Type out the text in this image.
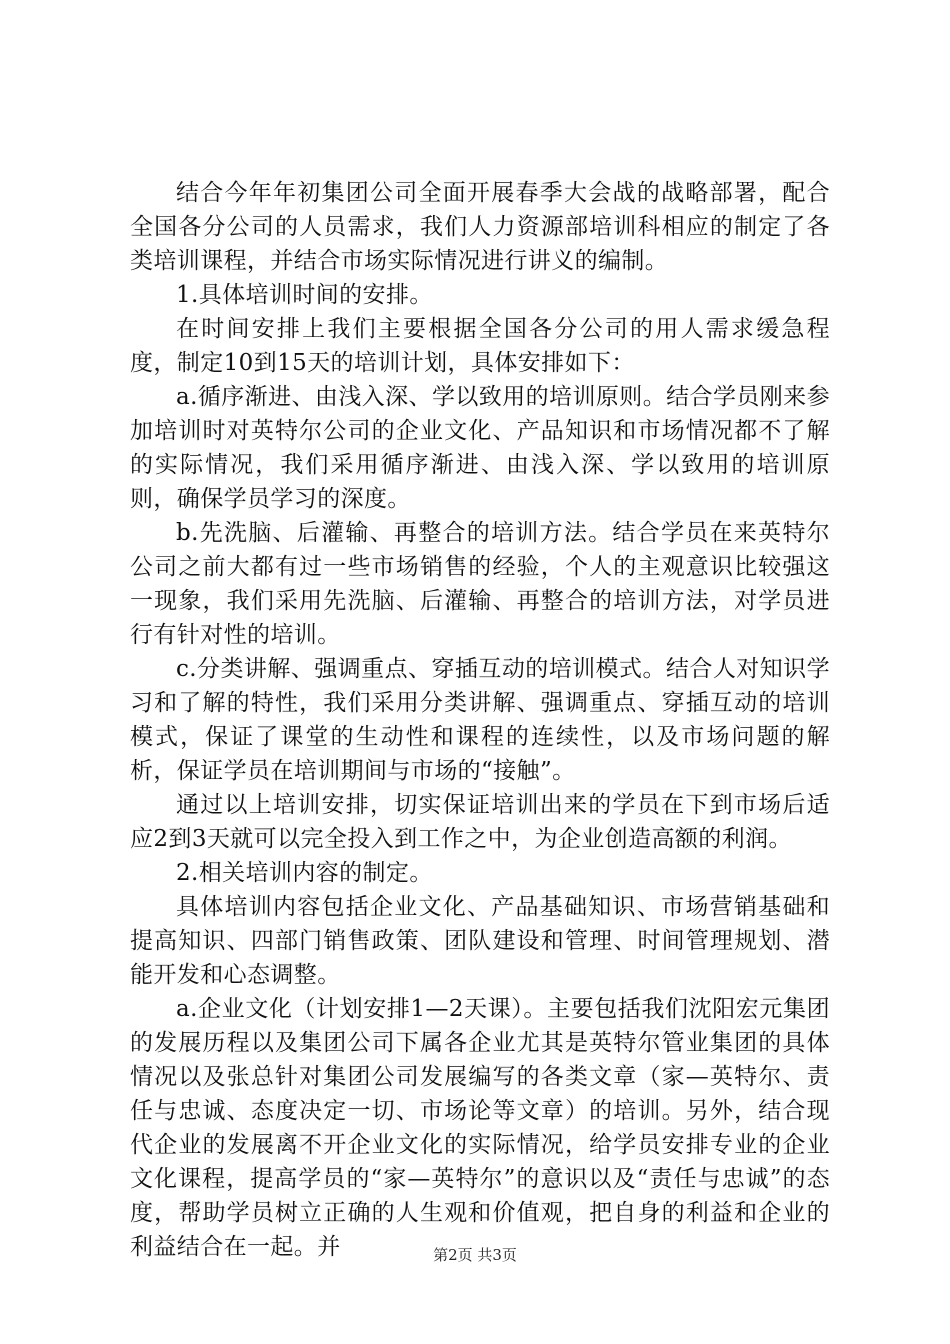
结合今年年初集团公司全面开展春季大会战的战略部署，配合全国各分公司的人员需求，我们人力资源部培训科相应的制定了各类培训课程，并结合市场实际情况进行讲义的编制。

1.具体培训时间的安排。

在时间安排上我们主要根据全国各分公司的用人需求缓急程度，制定10到15天的培训计划，具体安排如下：

a.循序渐进、由浅入深、学以致用的培训原则。结合学员刚来参加培训时对英特尔公司的企业文化、产品知识和市场情况都不了解的实际情况，我们采用循序渐进、由浅入深、学以致用的培训原则，确保学员学习的深度。

b.先洗脑、后灌输、再整合的培训方法。结合学员在来英特尔公司之前大都有过一些市场销售的经验，个人的主观意识比较强这一现象，我们采用先洗脑、后灌输、再整合的培训方法，对学员进行有针对性的培训。

c.分类讲解、强调重点、穿插互动的培训模式。结合人对知识学习和了解的特性，我们采用分类讲解、强调重点、穿插互动的培训模式，保证了课堂的生动性和课程的连续性，以及市场问题的解析，保证学员在培训期间与市场的“接触”。

通过以上培训安排，切实保证培训出来的学员在下到市场后适应2到3天就可以完全投入到工作之中，为企业创造高额的利润。

2.相关培训内容的制定。

具体培训内容包括企业文化、产品基础知识、市场营销基础和提高知识、四部门销售政策、团队建设和管理、时间管理规划、潜能开发和心态调整。

a.企业文化（计划安排1—2天课）。主要包括我们沈阳宏元集团的发展历程以及集团公司下属各企业尤其是英特尔管业集团的具体情况以及张总针对集团公司发展编写的各类文章（家—英特尔、责任与忠诚、态度决定一切、市场论等文章）的培训。另外，结合现代企业的发展离不开企业文化的实际情况，给学员安排专业的企业文化课程，提高学员的“家—英特尔”的意识以及“责任与忠诚”的态度，帮助学员树立正确的人生观和价值观，把自身的利益和企业的利益结合在一起。并	第2页 共3页
